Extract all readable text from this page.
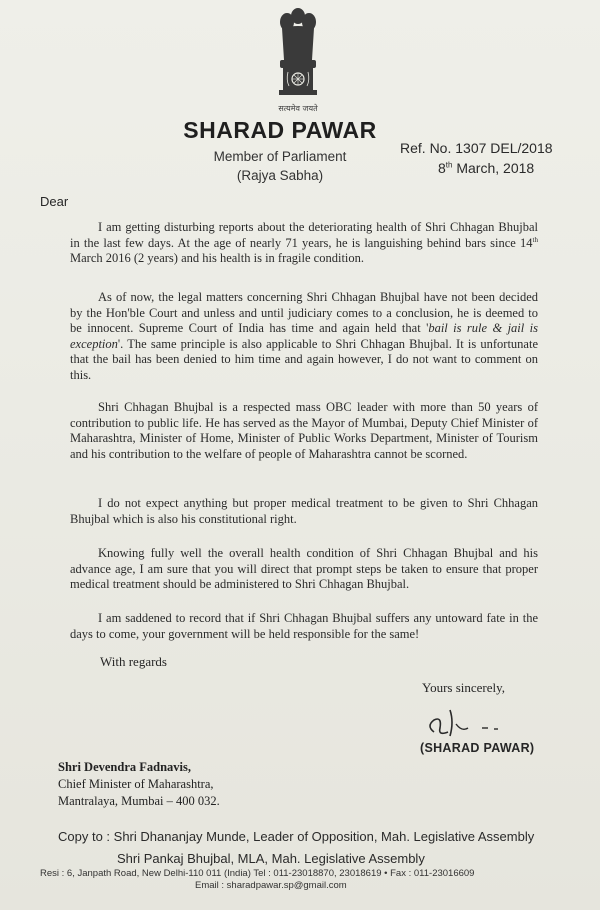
सत्यमेव जयते
SHARAD PAWAR
Member of Parliament
(Rajya Sabha)
Ref. No. 1307 DEL/2018
8th March, 2018
Dear
I am getting disturbing reports about the deteriorating health of Shri Chhagan Bhujbal in the last few days. At the age of nearly 71 years, he is languishing behind bars since 14th March 2016 (2 years) and his health is in fragile condition.
As of now, the legal matters concerning Shri Chhagan Bhujbal have not been decided by the Hon'ble Court and unless and until judiciary comes to a conclusion, he is deemed to be innocent. Supreme Court of India has time and again held that 'bail is rule & jail is exception'. The same principle is also applicable to Shri Chhagan Bhujbal. It is unfortunate that the bail has been denied to him time and again however, I do not want to comment on this.
Shri Chhagan Bhujbal is a respected mass OBC leader with more than 50 years of contribution to public life. He has served as the Mayor of Mumbai, Deputy Chief Minister of Maharashtra, Minister of Home, Minister of Public Works Department, Minister of Tourism and his contribution to the welfare of people of Maharashtra cannot be scorned.
I do not expect anything but proper medical treatment to be given to Shri Chhagan Bhujbal which is also his constitutional right.
Knowing fully well the overall health condition of Shri Chhagan Bhujbal and his advance age, I am sure that you will direct that prompt steps be taken to ensure that proper medical treatment should be administered to Shri Chhagan Bhujbal.
I am saddened to record that if Shri Chhagan Bhujbal suffers any untoward fate in the days to come, your government will be held responsible for the same!
With regards
Yours sincerely,
(SHARAD PAWAR)
Shri Devendra Fadnavis,
Chief Minister of Maharashtra,
Mantralaya, Mumbai – 400 032.
Copy to : Shri Dhananjay Munde, Leader of Opposition, Mah. Legislative Assembly
Shri Pankaj Bhujbal, MLA, Mah. Legislative Assembly
Resi : 6, Janpath Road, New Delhi-110 011 (India) Tel : 011-23018870, 23018619 • Fax : 011-23016609
Email : sharadpawar.sp@gmail.com
